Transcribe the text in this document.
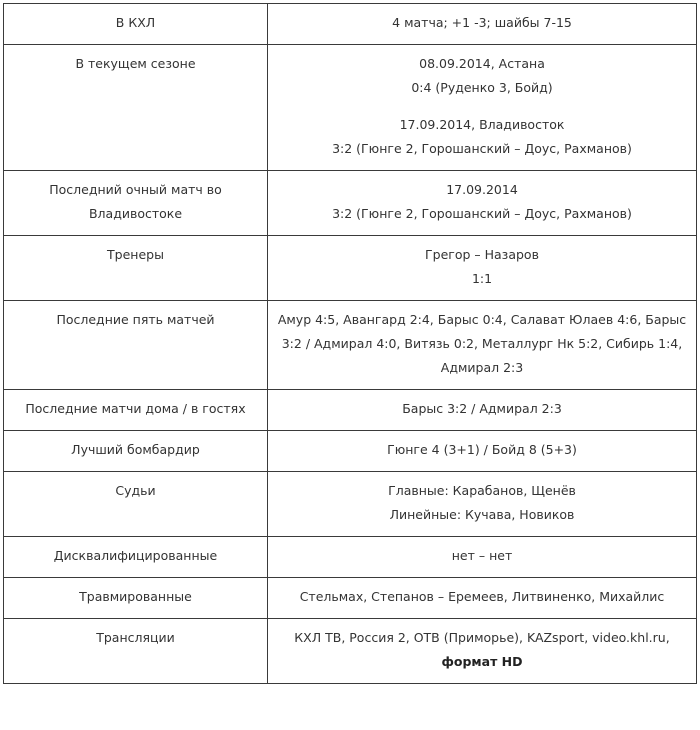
В КХЛ	4 матча; +1 -3; шайбы 7-15
В текущем сезоне	08.09.2014, Астана
0:4 (Руденко 3, Бойд)
17.09.2014, Владивосток
3:2 (Гюнге 2, Горошанский – Доус, Рахманов)

Последний очный матч во Владивостоке	17.09.2014
3:2 (Гюнге 2, Горошанский – Доус, Рахманов)

Тренеры	Грегор – Назаров
1:1

Последние пять матчей	Амур 4:5, Авангард 2:4, Барыс 0:4, Салават Юлаев 4:6, Барыс 3:2 / Адмирал 4:0, Витязь 0:2, Металлург Нк 5:2, Сибирь 1:4, Адмирал 2:3
Последние матчи дома / в гостях	Барыс 3:2 / Адмирал 2:3
Лучший бомбардир	Гюнге 4 (3+1) / Бойд 8 (5+3)
Судьи	Главные: Карабанов, Щенёв
Линейные: Кучава, Новиков

Дисквалифицированные	нет – нет
Травмированные	Стельмах, Степанов – Еремеев, Литвиненко, Михайлис
Трансляции	КХЛ ТВ, Россия 2, ОТВ (Приморье), KAZsport, video.khl.ru, формат HD
